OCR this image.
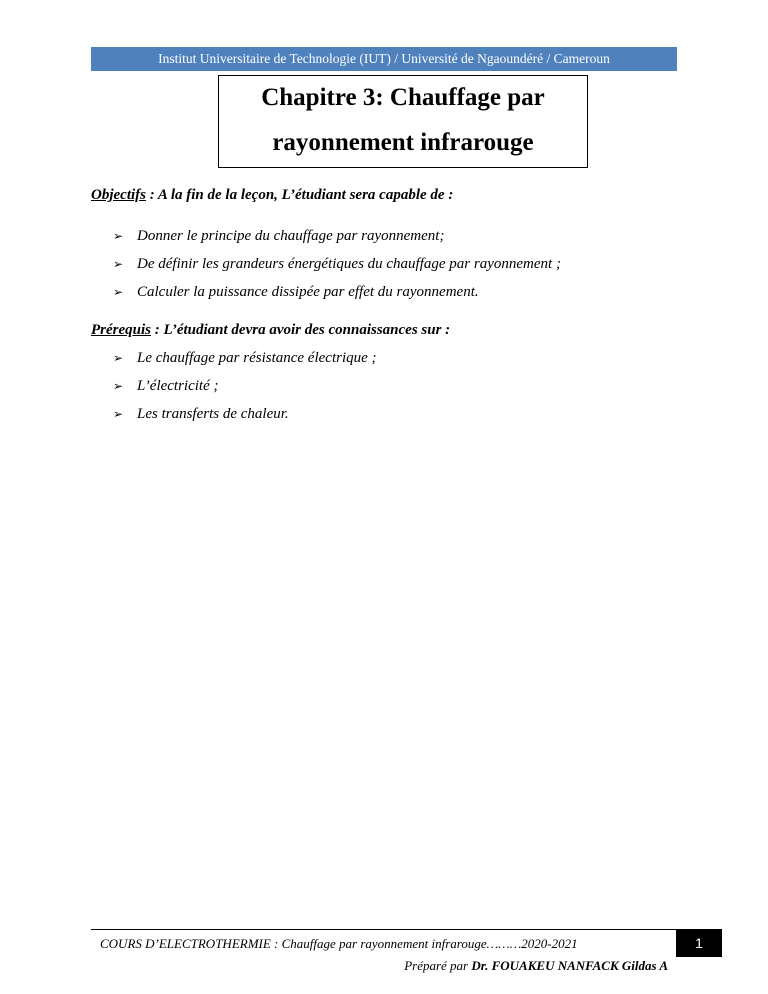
Institut Universitaire de Technologie (IUT) / Université de Ngaoundéré / Cameroun
Chapitre 3: Chauffage par
rayonnement infrarouge
Objectifs : A la fin de la leçon, L’étudiant sera capable de :
➢ Donner le principe du chauffage par rayonnement;
➢ De définir les grandeurs énergétiques du chauffage par rayonnement ;
➢ Calculer la puissance dissipée par effet du rayonnement.
Prérequis : L’étudiant devra avoir des connaissances sur :
➢ Le chauffage par résistance électrique ;
➢ L’électricité ;
➢ Les transferts de chaleur.
COURS D’ELECTROTHERMIE : Chauffage par rayonnement infrarouge………2020-2021
Préparé par Dr. FOUAKEU NANFACK Gildas A
1
